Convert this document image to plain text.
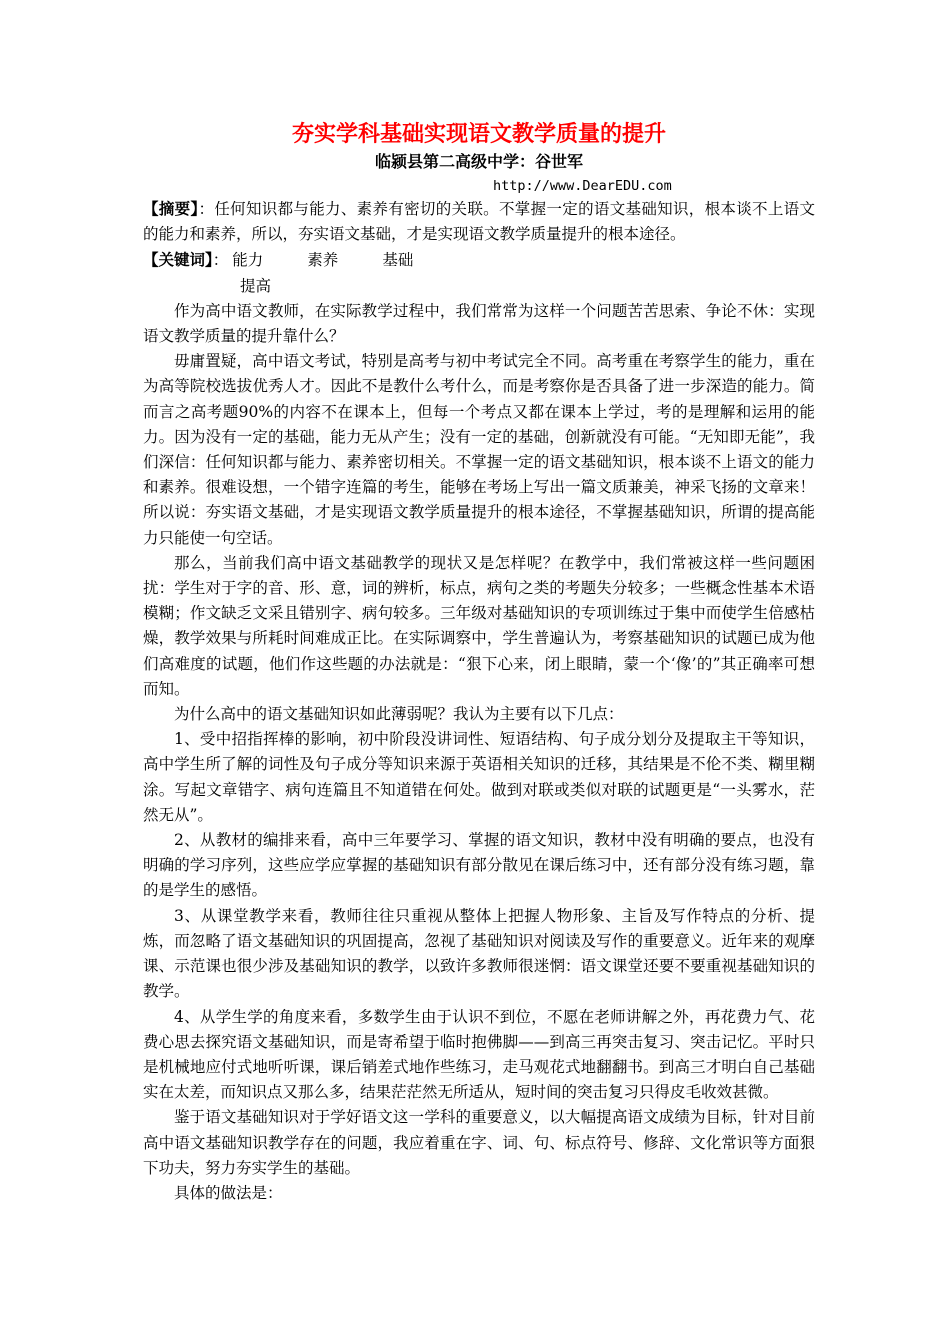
夯实学科基础实现语文教学质量的提升

临颍县第二高级中学：谷世军

http://www.DearEDU.com

【摘要】：任何知识都与能力、素养有密切的关联。不掌握一定的语文基础知识，根本谈不上语文的能力和素养，所以，夯实语文基础，才是实现语文教学质量提升的根本途径。

【关键词】： 能力	素养	基础

提高

作为高中语文教师，在实际教学过程中，我们常常为这样一个问题苦苦思索、争论不休：实现语文教学质量的提升靠什么？

毋庸置疑，高中语文考试，特别是高考与初中考试完全不同。高考重在考察学生的能力，重在为高等院校选拔优秀人才。因此不是教什么考什么，而是考察你是否具备了进一步深造的能力。简而言之高考题90%的内容不在课本上，但每一个考点又都在课本上学过，考的是理解和运用的能力。因为没有一定的基础，能力无从产生；没有一定的基础，创新就没有可能。“无知即无能”，我们深信：任何知识都与能力、素养密切相关。不掌握一定的语文基础知识，根本谈不上语文的能力和素养。很难设想，一个错字连篇的考生，能够在考场上写出一篇文质兼美，神采飞扬的文章来！所以说：夯实语文基础，才是实现语文教学质量提升的根本途径，不掌握基础知识，所谓的提高能力只能使一句空话。

那么，当前我们高中语文基础教学的现状又是怎样呢？在教学中，我们常被这样一些问题困扰：学生对于字的音、形、意，词的辨析，标点，病句之类的考题失分较多；一些概念性基本术语模糊；作文缺乏文采且错别字、病句较多。三年级对基础知识的专项训练过于集中而使学生倍感枯燥，教学效果与所耗时间难成正比。在实际调察中，学生普遍认为，考察基础知识的试题已成为他们高难度的试题，他们作这些题的办法就是：“狠下心来，闭上眼睛，蒙一个‘像’的”其正确率可想而知。

为什么高中的语文基础知识如此薄弱呢？我认为主要有以下几点：

1、受中招指挥棒的影响，初中阶段没讲词性、短语结构、句子成分划分及提取主干等知识，高中学生所了解的词性及句子成分等知识来源于英语相关知识的迁移，其结果是不伦不类、糊里糊涂。写起文章错字、病句连篇且不知道错在何处。做到对联或类似对联的试题更是“一头雾水，茫然无从”。

2、从教材的编排来看，高中三年要学习、掌握的语文知识，教材中没有明确的要点，也没有明确的学习序列，这些应学应掌握的基础知识有部分散见在课后练习中，还有部分没有练习题，靠的是学生的感悟。

3、从课堂教学来看，教师往往只重视从整体上把握人物形象、主旨及写作特点的分析、提炼，而忽略了语文基础知识的巩固提高，忽视了基础知识对阅读及写作的重要意义。近年来的观摩课、示范课也很少涉及基础知识的教学，以致许多教师很迷惘：语文课堂还要不要重视基础知识的教学。

4、从学生学的角度来看，多数学生由于认识不到位，不愿在老师讲解之外，再花费力气、花费心思去探究语文基础知识，而是寄希望于临时抱佛脚——到高三再突击复习、突击记忆。平时只是机械地应付式地听听课，课后销差式地作些练习，走马观花式地翻翻书。到高三才明白自己基础实在太差，而知识点又那么多，结果茫茫然无所适从，短时间的突击复习只得皮毛收效甚微。

鉴于语文基础知识对于学好语文这一学科的重要意义，以大幅提高语文成绩为目标，针对目前高中语文基础知识教学存在的问题，我应着重在字、词、句、标点符号、修辞、文化常识等方面狠下功夫，努力夯实学生的基础。

具体的做法是：
